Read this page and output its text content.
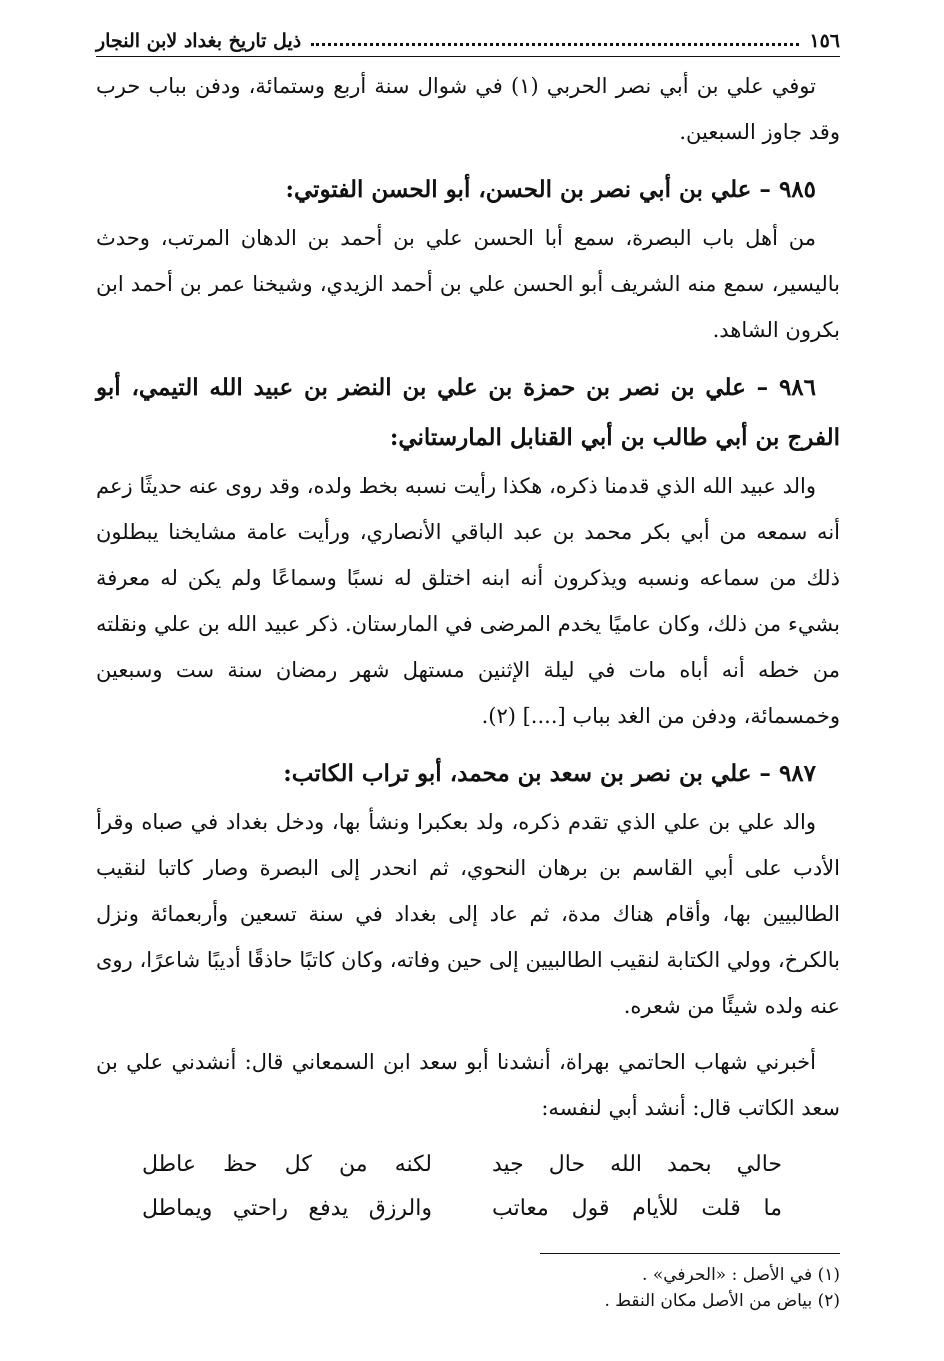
١٥٦
ذيل تاريخ بغداد لابن النجار

توفي علي بن أبي نصر الحربي (١) في شوال سنة أربع وستمائة، ودفن بباب حرب وقد جاوز السبعين.

٩٨٥ – علي بن أبي نصر بن الحسن، أبو الحسن الفتوتي:

من أهل باب البصرة، سمع أبا الحسن علي بن أحمد بن الدهان المرتب، وحدث باليسير، سمع منه الشريف أبو الحسن علي بن أحمد الزيدي، وشيخنا عمر بن أحمد ابن بكرون الشاهد.

٩٨٦ – علي بن نصر بن حمزة بن علي بن النضر بن عبيد الله التيمي، أبو الفرج بن أبي طالب بن أبي القنابل المارستاني:

والد عبيد الله الذي قدمنا ذكره، هكذا رأيت نسبه بخط ولده، وقد روى عنه حديثًا زعم أنه سمعه من أبي بكر محمد بن عبد الباقي الأنصاري، ورأيت عامة مشايخنا يبطلون ذلك من سماعه ونسبه ويذكرون أنه ابنه اختلق له نسبًا وسماعًا ولم يكن له معرفة بشيء من ذلك، وكان عاميًا يخدم المرضى في المارستان. ذكر عبيد الله بن علي ونقلته من خطه أنه أباه مات في ليلة الإثنين مستهل شهر رمضان سنة ست وسبعين وخمسمائة، ودفن من الغد بباب [....] (٢).

٩٨٧ – علي بن نصر بن سعد بن محمد، أبو تراب الكاتب:

والد علي بن علي الذي تقدم ذكره، ولد بعكبرا ونشأ بها، ودخل بغداد في صباه وقرأ الأدب على أبي القاسم بن برهان النحوي، ثم انحدر إلى البصرة وصار كاتبا لنقيب الطالبيين بها، وأقام هناك مدة، ثم عاد إلى بغداد في سنة تسعين وأربعمائة ونزل بالكرخ، وولي الكتابة لنقيب الطالبيين إلى حين وفاته، وكان كاتبًا حاذقًا أديبًا شاعرًا، روى عنه ولده شيئًا من شعره.

أخبرني شهاب الحاتمي بهراة، أنشدنا أبو سعد ابن السمعاني قال: أنشدني علي بن سعد الكاتب قال: أنشد أبي لنفسه:

حالي بحمد الله حال جيد
لكنه من كل حظ عاطل
ما قلت للأيام قول معاتب
والرزق يدفع راحتي ويماطل
(١) في الأصل : «الحرفي» .
(٢) بياض من الأصل مكان النقط .
